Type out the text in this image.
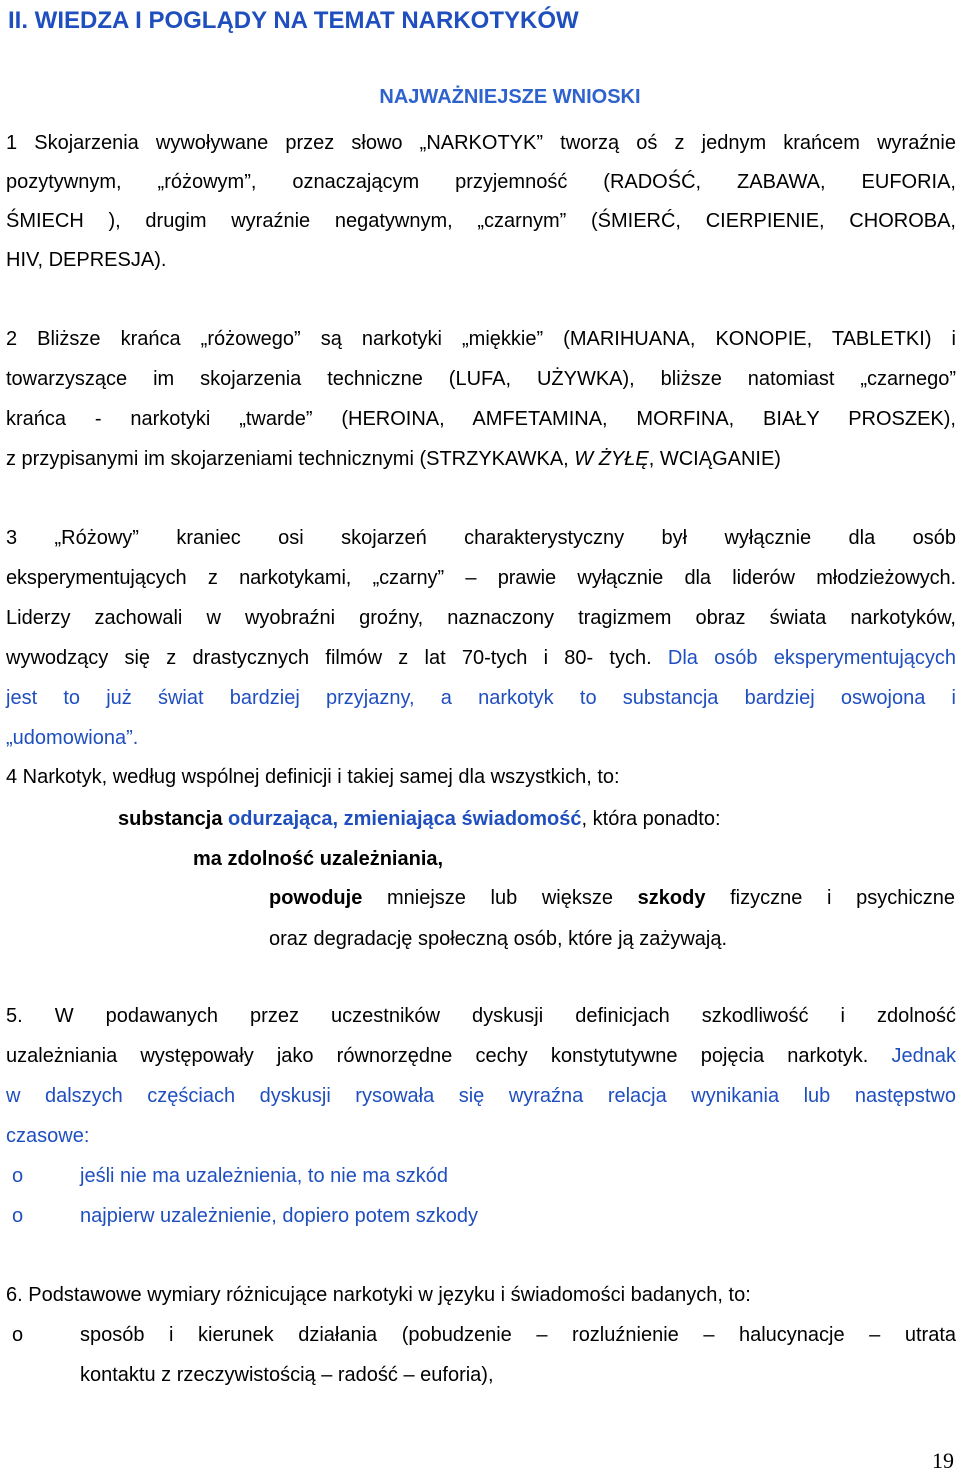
II. WIEDZA I POGLĄDY NA TEMAT NARKOTYKÓW
NAJWAŻNIEJSZE WNIOSKI
1 Skojarzenia wywoływane przez słowo „NARKOTYK” tworzą oś z jednym krańcem wyraźnie
pozytywnym, „różowym”, oznaczającym przyjemność (RADOŚĆ, ZABAWA, EUFORIA,
ŚMIECH ), drugim wyraźnie negatywnym, „czarnym” (ŚMIERĆ, CIERPIENIE, CHOROBA,
HIV, DEPRESJA).
2 Bliższe krańca „różowego” są narkotyki „miękkie” (MARIHUANA, KONOPIE, TABLETKI) i
towarzyszące im skojarzenia techniczne (LUFA, UŻYWKA), bliższe natomiast „czarnego”
krańca - narkotyki „twarde” (HEROINA, AMFETAMINA, MORFINA, BIAŁY PROSZEK),
z przypisanymi im skojarzeniami technicznymi (STRZYKAWKA, W ŻYŁĘ, WCIĄGANIE)
3 „Różowy” kraniec osi skojarzeń charakterystyczny był wyłącznie dla osób
eksperymentujących z narkotykami, „czarny” – prawie wyłącznie dla liderów młodzieżowych.
Liderzy zachowali w wyobraźni groźny, naznaczony tragizmem obraz świata narkotyków,
wywodzący się z drastycznych filmów z lat 70-tych i 80- tych. Dla osób eksperymentujących
jest to już świat bardziej przyjazny, a narkotyk to substancja bardziej oswojona i
„udomowiona”.
4 Narkotyk, według wspólnej definicji i takiej samej dla wszystkich, to:
substancja odurzająca, zmieniająca świadomość, która ponadto:
ma zdolność uzależniania,
powoduje mniejsze lub większe szkody fizyczne i psychiczne
oraz degradację społeczną osób, które ją zażywają.
5. W podawanych przez uczestników dyskusji definicjach szkodliwość i zdolność
uzależniania występowały jako równorzędne cechy konstytutywne pojęcia narkotyk. Jednak
w dalszych częściach dyskusji rysowała się wyraźna relacja wynikania lub następstwo
czasowe:
o	jeśli nie ma uzależnienia, to nie ma szkód
o	najpierw uzależnienie, dopiero potem szkody
6. Podstawowe wymiary różnicujące narkotyki w języku i świadomości badanych, to:
o	sposób i kierunek działania (pobudzenie – rozluźnienie – halucynacje – utrata
kontaktu z rzeczywistością – radość – euforia),
19
